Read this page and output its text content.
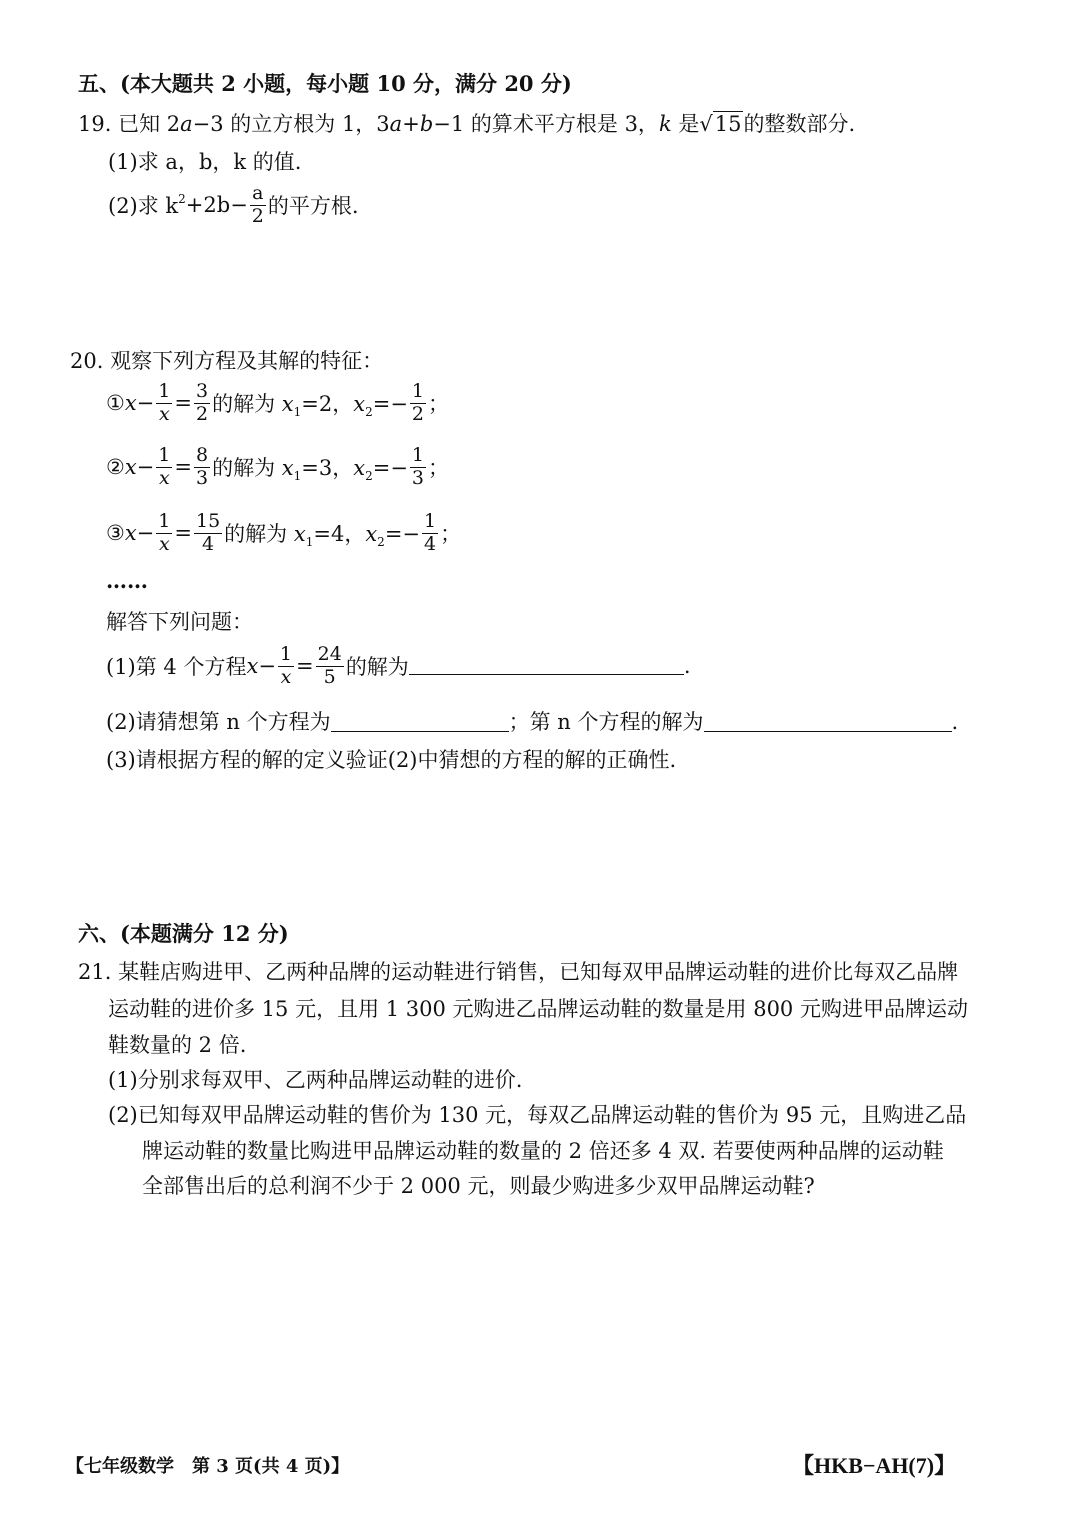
五、(本大题共 2 小题，每小题 10 分，满分 20 分)
19. 已知 2a−3 的立方根为 1，3a+b−1 的算术平方根是 3，k 是√15的整数部分.
(1)求 a，b，k 的值.
(2)求 $k^2+2b- \frac{a}{2}$ 的平方根.
20. 观察下列方程及其解的特征：
①x− $\frac{1}{x} = \frac{3}{2}$ 的解为 $x_1=2$，$x_2=- \frac{1}{2}$ ；
②x− $\frac{1}{x} = \frac{8}{3}$ 的解为 $x_1=3$，$x_2=- \frac{1}{3}$ ；
③x− $\frac{1}{x} = \frac{15}{4}$ 的解为 $x_1=4$，$x_2=- \frac{1}{4}$ ；
……
解答下列问题：
(1)第 4 个方程$x- \frac{1}{x} = \frac{24}{5}$ 的解为	.
(2)请猜想第 n 个方程为	；第 n 个方程的解为	.
(3)请根据方程的解的定义验证(2)中猜想的方程的解的正确性.
六、(本题满分 12 分)
21. 某鞋店购进甲、乙两种品牌的运动鞋进行销售，已知每双甲品牌运动鞋的进价比每双乙品牌
运动鞋的进价多 15 元，且用 1 300 元购进乙品牌运动鞋的数量是用 800 元购进甲品牌运动
鞋数量的 2 倍.
(1)分别求每双甲、乙两种品牌运动鞋的进价.
(2)已知每双甲品牌运动鞋的售价为 130 元，每双乙品牌运动鞋的售价为 95 元，且购进乙品
牌运动鞋的数量比购进甲品牌运动鞋的数量的 2 倍还多 4 双. 若要使两种品牌的运动鞋
全部售出后的总利润不少于 2 000 元，则最少购进多少双甲品牌运动鞋?
【七年级数学　第 3 页(共 4 页)】	【HKB−AH(7)】
